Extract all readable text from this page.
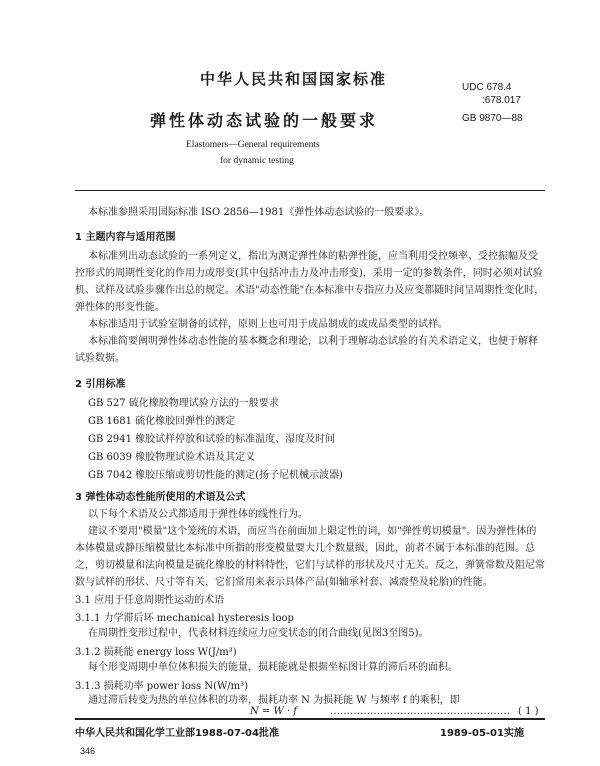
中华人民共和国国家标准	UDC 678.4
:678.017
弹性体动态试验的一般要求	GB 9870—88
Elastomers—General requirements
for dynamic testing
本标准参照采用国际标准 ISO 2856—1981《弹性体动态试验的一般要求》。
1 主题内容与适用范围
本标准列出动态试验的一系列定义，指出为测定弹性体的粘弹性能，应当利用受控频率、受控振幅及受控形式的周期性变化的作用力或形变(其中包括冲击力及冲击形变)，采用一定的参数条件，同时必须对试验机、试样及试验步骤作出总的规定。术语"动态性能"在本标准中专指应力及应变都随时间呈周期性变化时，弹性体的形变性能。
本标准适用于试验室制备的试样，原则上也可用于成品制成的或成品类型的试样。
本标准简要阐明弹性体动态性能的基本概念和理论，以利于理解动态试验的有关术语定义，也便于解释试验数据。
2 引用标准
GB 527 硫化橡胶物理试验方法的一般要求
GB 1681 硫化橡胶回弹性的测定
GB 2941 橡胶试样停放和试验的标准温度、湿度及时间
GB 6039 橡胶物理试验术语及其定义
GB 7042 橡胶压缩或剪切性能的测定(扬子尼机械示波器)
3 弹性体动态性能所使用的术语及公式
以下每个术语及公式都适用于弹性体的线性行为。
建议不要用"模量"这个笼统的术语，而应当在前面加上限定性的词，如"弹性剪切模量"。因为弹性体的本体模量或静压缩模量比本标准中所指的形变模量要大几个数量级，因此，前者不属于本标准的范围。总之，剪切模量和法向模量是硫化橡胶的材料特性，它们与试样的形状及尺寸无关。反之，弹簧常数及阻尼常数与试样的形状、尺寸等有关，它们常用来表示具体产品(如轴承衬套、减震垫及轮胎)的性能。
3.1 应用于任意周期性运动的术语
3.1.1 力学滞后环 mechanical hysteresis loop
在周期性变形过程中，代表材料连续应力应变状态的闭合曲线(见图3至图5)。
3.1.2 损耗能 energy loss W(J/m³)
每个形变周期中单位体积损失的能量，损耗能就是根据坐标图计算的滞后环的面积。
3.1.3 损耗功率 power loss N(W/m³)
通过滞后转变为热的单位体积的功率，损耗功率 N 为损耗能 W 与频率 f 的乘积，即
N = W · f	……………………………………………… ( 1 )
中华人民共和国化学工业部1988-07-04批准	1989-05-01实施
346
